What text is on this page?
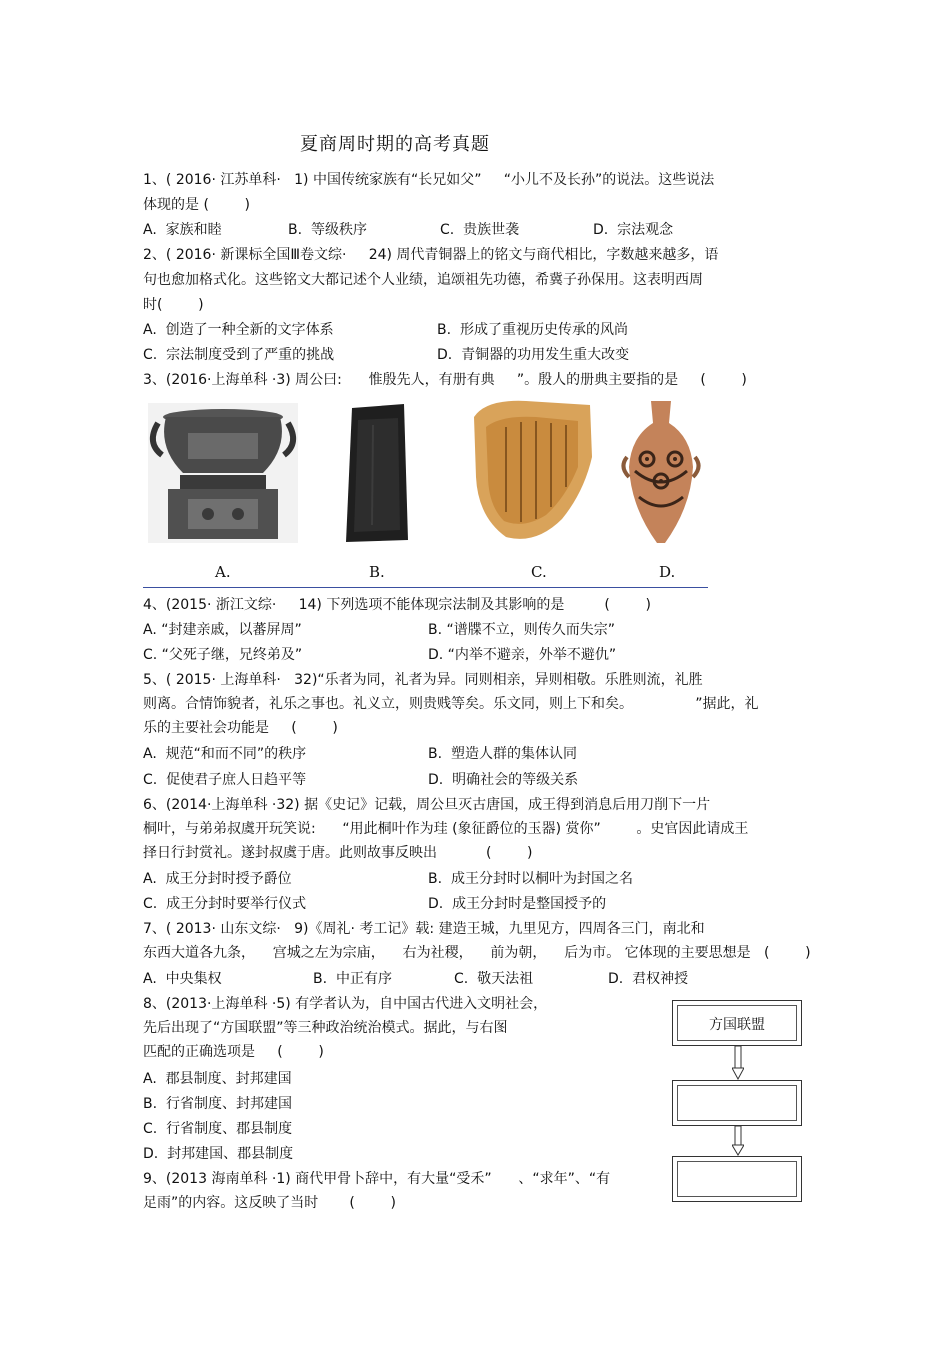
夏商周时期的高考真题
1、( 2016· 江苏单科·   1) 中国传统家族有“长兄如父”     “小儿不及长孙”的说法。这些说法
体现的是 (        )
A.  家族和睦	B.  等级秩序	C.  贵族世袭	D.  宗法观念
2、( 2016· 新课标全国Ⅲ卷文综·     24) 周代青铜器上的铭文与商代相比，字数越来越多，语
句也愈加格式化。这些铭文大都记述个人业绩，追颂祖先功德，希冀子孙保用。这表明西周
时(        )
A.  创造了一种全新的文字体系	B.  形成了重视历史传承的风尚
C.  宗法制度受到了严重的挑战	D.  青铜器的功用发生重大改变
3、(2016·上海单科 ·3) 周公曰:      惟殷先人，有册有典     ”。殷人的册典主要指的是     (        )
A.	B.	C.	D.
4、(2015· 浙江文综·     14) 下列选项不能体现宗法制及其影响的是         (        )
A. “封建亲戚，以蕃屏周”	B. “谱牒不立，则传久而失宗”
C. “父死子继，兄终弟及”	D. “内举不避亲，外举不避仇”
5、( 2015· 上海单科·   32)“乐者为同，礼者为异。同则相亲，异则相敬。乐胜则流，礼胜
则离。合情饰貌者，礼乐之事也。礼义立，则贵贱等矣。乐文同，则上下和矣。              ”据此，礼
乐的主要社会功能是     (        )
A.  规范“和而不同”的秩序	B.  塑造人群的集体认同
C.  促使君子庶人日趋平等	D.  明确社会的等级关系
6、(2014·上海单科 ·32) 据《史记》记载，周公旦灭古唐国，成王得到消息后用刀削下一片
桐叶，与弟弟叔虞开玩笑说:      “用此桐叶作为珪 (象征爵位的玉器) 赏你”        。史官因此请成王
择日行封赏礼。遂封叔虞于唐。此则故事反映出           (        )
A.  成王分封时授予爵位	B.  成王分封时以桐叶为封国之名
C.  成王分封时要举行仪式	D.  成王分封时是整国授予的
7、( 2013· 山东文综·   9)《周礼· 考工记》载: 建造王城，九里见方，四周各三门，南北和
东西大道各九条，    宫城之左为宗庙，    右为社稷，    前为朝，    后为市。 它体现的主要思想是   (        )
A.  中央集权	B.  中正有序	C.  敬天法祖	D.  君权神授
8、(2013·上海单科 ·5) 有学者认为，自中国古代进入文明社会，
先后出现了“方国联盟”等三种政治统治模式。据此，与右图
匹配的正确选项是     (        )
A.  郡县制度、封邦建国
B.  行省制度、封邦建国
C.  行省制度、郡县制度
D.  封邦建国、郡县制度
方国联盟
9、(2013 海南单科 ·1) 商代甲骨卜辞中，有大量“受禾”      、“求年”、“有
足雨”的内容。这反映了当时       (        )
